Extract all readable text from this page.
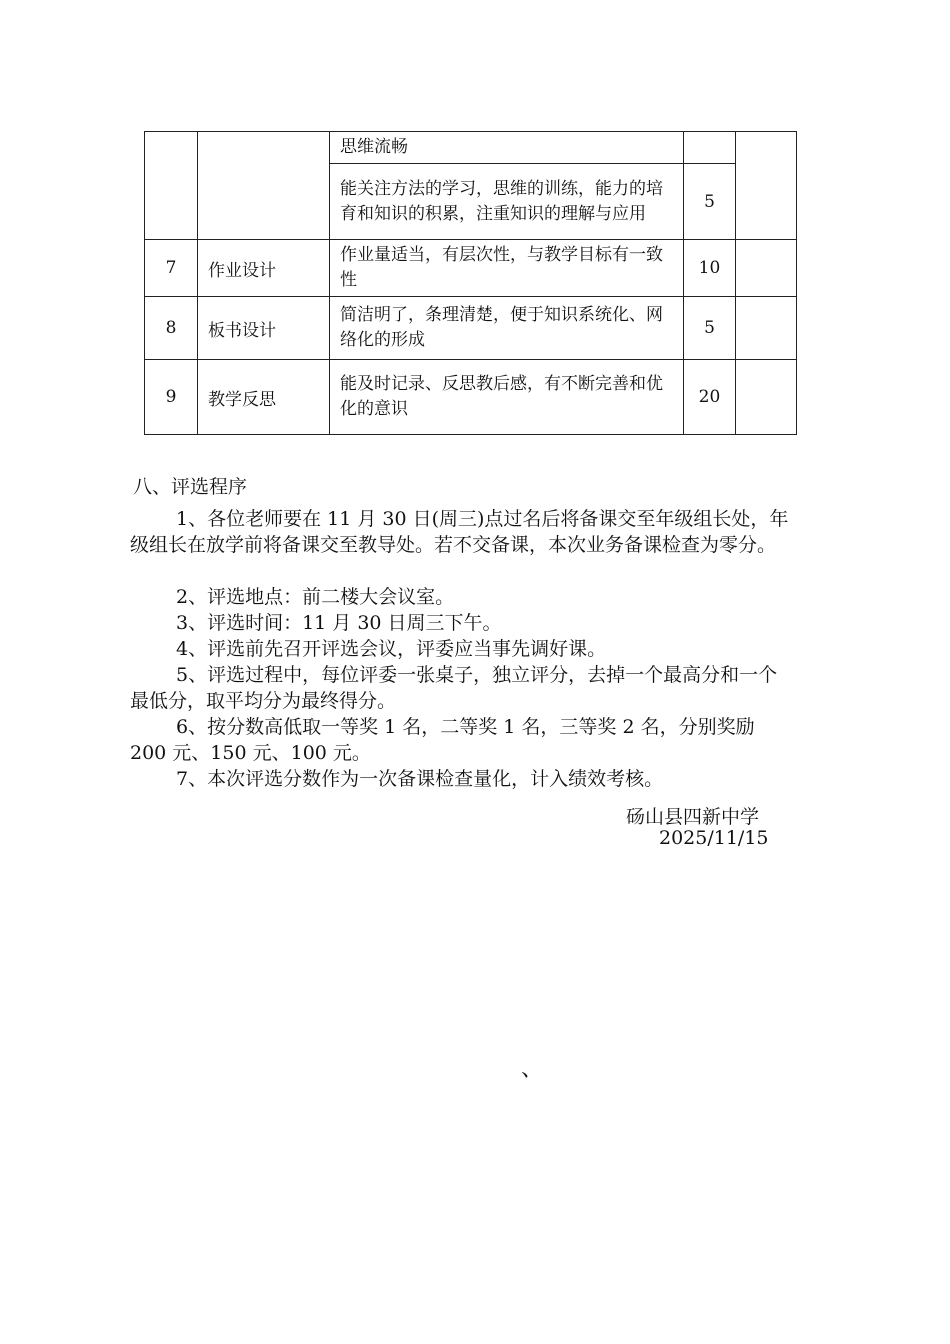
		思维流畅		
		能关注方法的学习，思维的训练，能力的培育和知识的积累，注重知识的理解与应用	5	
7	作业设计	作业量适当，有层次性，与教学目标有一致性	10	
8	板书设计	简洁明了，条理清楚，便于知识系统化、网络化的形成	5	
9	教学反思	能及时记录、反思教后感，有不断完善和优化的意识	20	
八、评选程序
1、各位老师要在 11 月 30 日(周三)点过名后将备课交至年级组长处，年级组长在放学前将备课交至教导处。若不交备课，本次业务备课检查为零分。
2、评选地点：前二楼大会议室。
3、评选时间：11 月 30 日周三下午。
4、评选前先召开评选会议，评委应当事先调好课。
5、评选过程中，每位评委一张桌子，独立评分，去掉一个最高分和一个最低分，取平均分为最终得分。
6、按分数高低取一等奖 1 名，二等奖 1 名，三等奖 2 名，分别奖励 200 元、150 元、100 元。
7、本次评选分数作为一次备课检查量化，计入绩效考核。
砀山县四新中学
2025/11/15
、
